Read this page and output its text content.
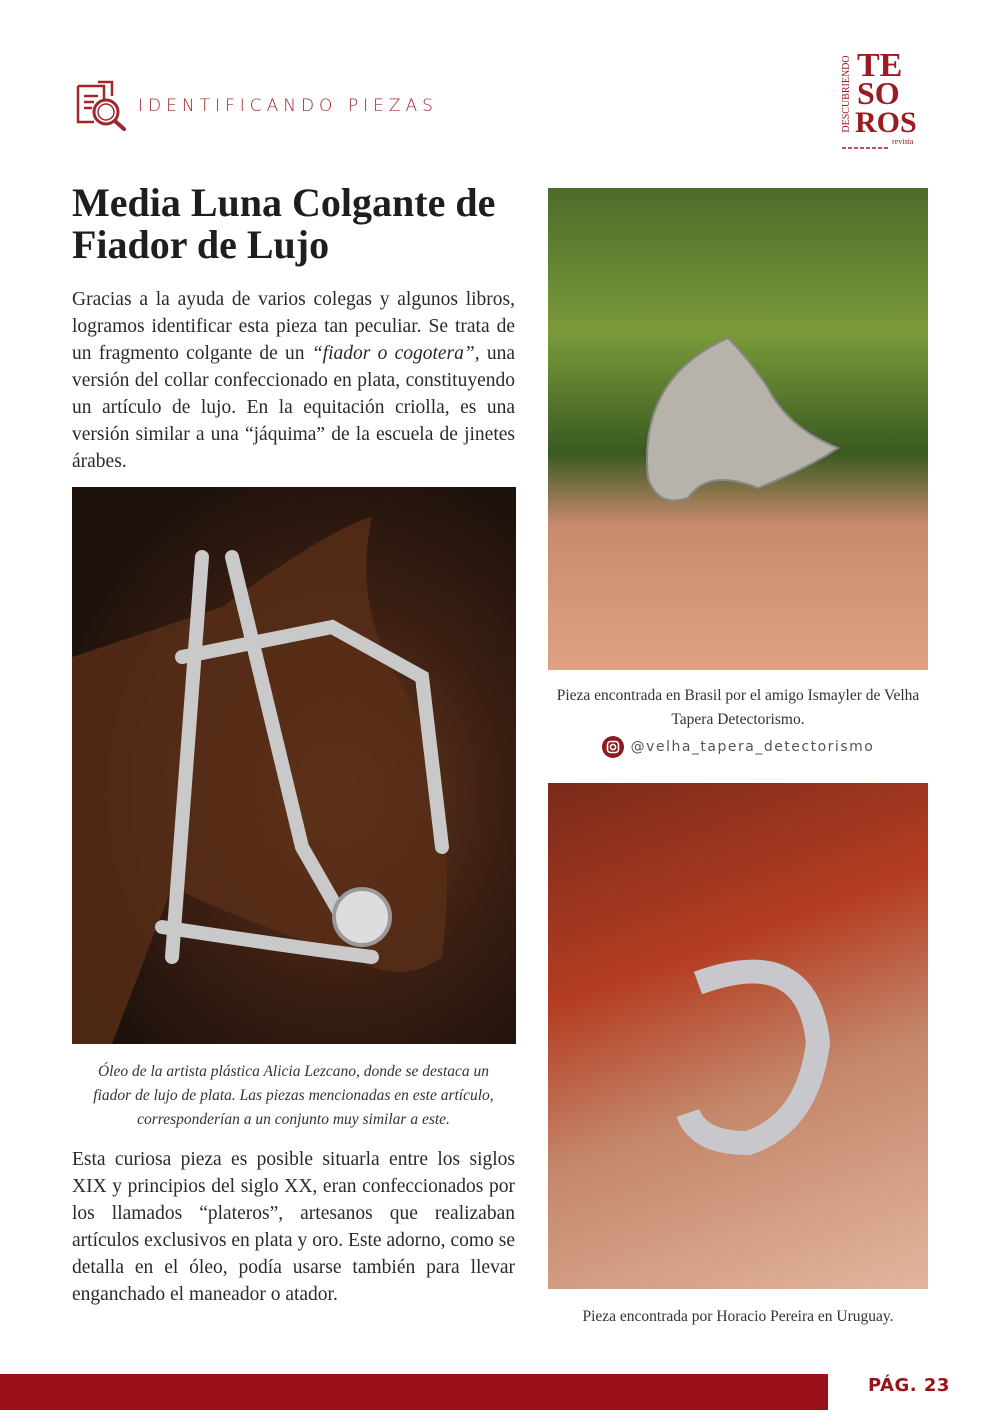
IDENTIFICANDO PIEZAS	DESCUBRIENDO TE
SO
ROS
revista
Media Luna Colgante de Fiador de Lujo

Gracias a la ayuda de varios colegas y algunos libros, logramos identificar esta pieza tan peculiar. Se trata de un fragmento colgante de un “fiador o cogotera”, una versión del collar confeccionado en plata, constituyendo un artículo de lujo. En la equitación criolla, es una versión similar a una “jáquima” de la escuela de jinetes árabes.

Óleo de la artista plástica Alicia Lezcano, donde se destaca un fiador de lujo de plata. Las piezas mencionadas en este artículo, corresponderían a un conjunto muy similar a este.

Esta curiosa pieza es posible situarla entre los siglos XIX y principios del siglo XX, eran confeccionados por los llamados “plateros”, artesanos que realizaban artículos exclusivos en plata y oro. Este adorno, como se detalla en el óleo, podía usarse también para llevar enganchado el maneador o atador.

Pieza encontrada en Brasil por el amigo Ismayler de Velha Tapera Detectorismo.

@velha_tapera_detectorismo

Pieza encontrada por Horacio Pereira en Uruguay.

PÁG. 23
